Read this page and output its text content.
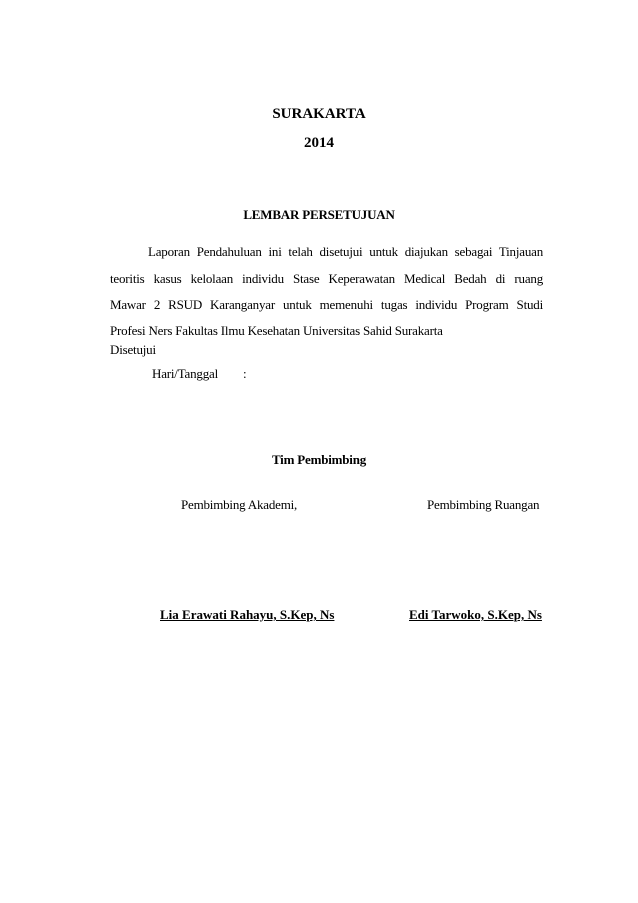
SURAKARTA
2014
LEMBAR PERSETUJUAN
Laporan Pendahuluan ini telah disetujui untuk diajukan sebagai Tinjauan
teoritis kasus kelolaan individu Stase Keperawatan Medical Bedah di ruang
Mawar 2 RSUD Karanganyar untuk memenuhi tugas individu Program Studi
Profesi Ners Fakultas Ilmu Kesehatan Universitas Sahid Surakarta
Disetujui
Hari/Tanggal :
Tim Pembimbing
Pembimbing Akademi,	Pembimbing Ruangan
Lia Erawati Rahayu, S.Kep, Ns	Edi Tarwoko, S.Kep, Ns
